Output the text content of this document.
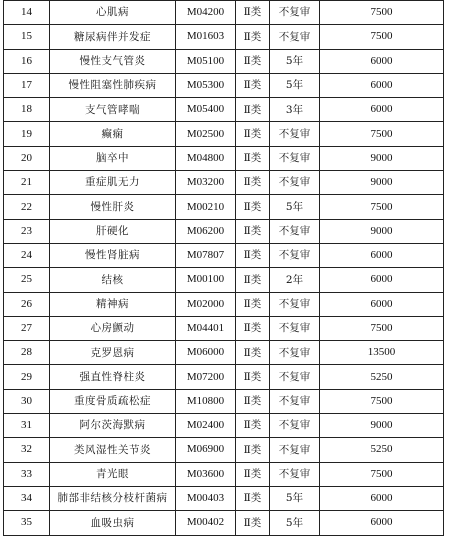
14	心肌病	M04200	Ⅱ类	不复审	7500
15	糖尿病伴并发症	M01603	Ⅱ类	不复审	7500
16	慢性支气管炎	M05100	Ⅱ类	5年	6000
17	慢性阻塞性肺疾病	M05300	Ⅱ类	5年	6000
18	支气管哮喘	M05400	Ⅱ类	3年	6000
19	癫痫	M02500	Ⅱ类	不复审	7500
20	脑卒中	M04800	Ⅱ类	不复审	9000
21	重症肌无力	M03200	Ⅱ类	不复审	9000
22	慢性肝炎	M00210	Ⅱ类	5年	7500
23	肝硬化	M06200	Ⅱ类	不复审	9000
24	慢性肾脏病	M07807	Ⅱ类	不复审	6000
25	结核	M00100	Ⅱ类	2年	6000
26	精神病	M02000	Ⅱ类	不复审	6000
27	心房颤动	M04401	Ⅱ类	不复审	7500
28	克罗恩病	M06000	Ⅱ类	不复审	13500
29	强直性脊柱炎	M07200	Ⅱ类	不复审	5250
30	重度骨质疏松症	M10800	Ⅱ类	不复审	7500
31	阿尔茨海默病	M02400	Ⅱ类	不复审	9000
32	类风湿性关节炎	M06900	Ⅱ类	不复审	5250
33	青光眼	M03600	Ⅱ类	不复审	7500
34	肺部非结核分枝杆菌病	M00403	Ⅱ类	5年	6000
35	血吸虫病	M00402	Ⅱ类	5年	6000
